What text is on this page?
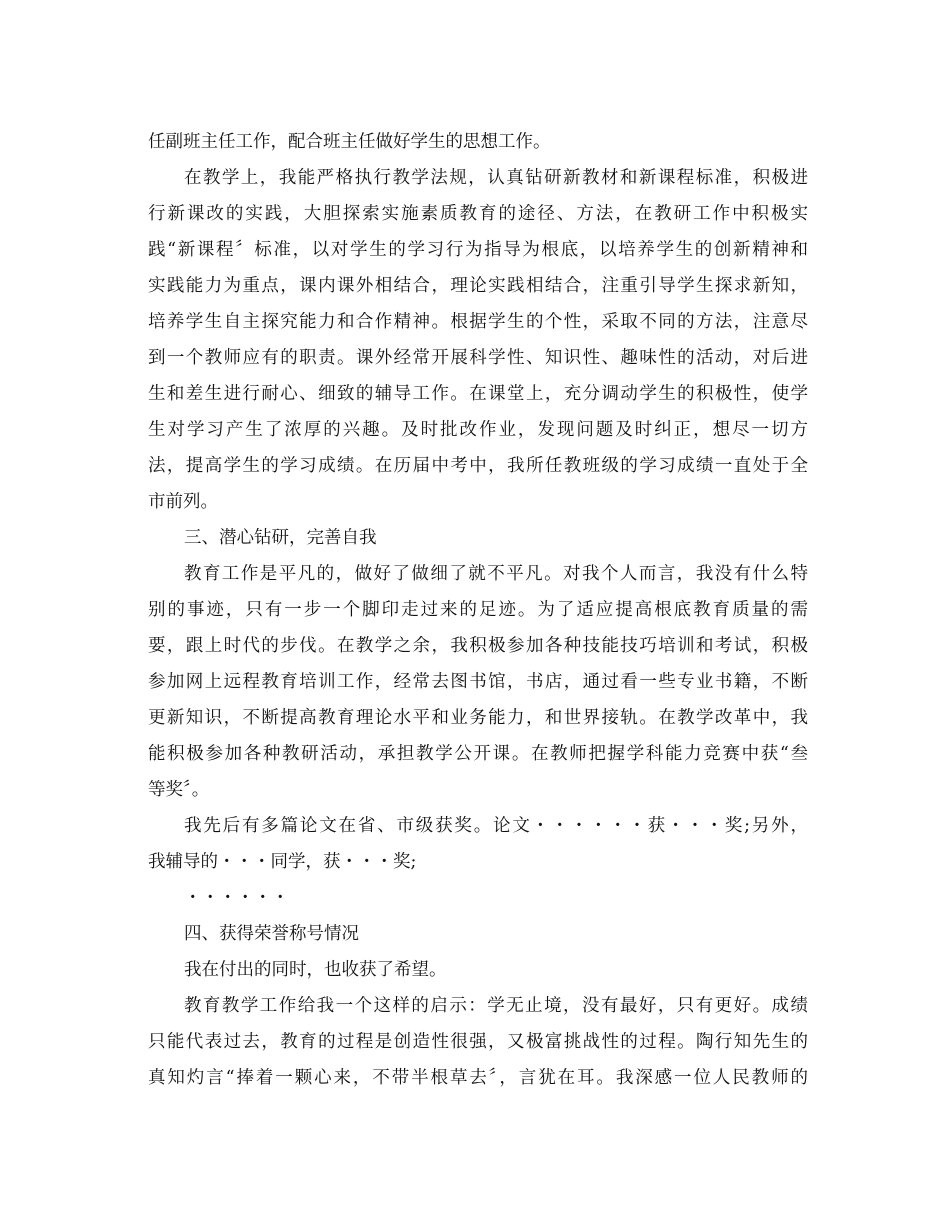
任副班主任工作，配合班主任做好学生的思想工作。
在教学上，我能严格执行教学法规，认真钻研新教材和新课程标准，积极进
行新课改的实践，大胆探索实施素质教育的途径、方法，在教研工作中积极实
践“新课程〞标准，以对学生的学习行为指导为根底，以培养学生的创新精神和
实践能力为重点，课内课外相结合，理论实践相结合，注重引导学生探求新知，
培养学生自主探究能力和合作精神。根据学生的个性，采取不同的方法，注意尽
到一个教师应有的职责。课外经常开展科学性、知识性、趣味性的活动，对后进
生和差生进行耐心、细致的辅导工作。在课堂上，充分调动学生的积极性，使学
生对学习产生了浓厚的兴趣。及时批改作业，发现问题及时纠正，想尽一切方
法，提高学生的学习成绩。在历届中考中，我所任教班级的学习成绩一直处于全
市前列。
三、潜心钻研，完善自我
教育工作是平凡的，做好了做细了就不平凡。对我个人而言，我没有什么特
别的事迹，只有一步一个脚印走过来的足迹。为了适应提高根底教育质量的需
要，跟上时代的步伐。在教学之余，我积极参加各种技能技巧培训和考试，积极
参加网上远程教育培训工作，经常去图书馆，书店，通过看一些专业书籍，不断
更新知识，不断提高教育理论水平和业务能力，和世界接轨。在教学改革中，我
能积极参加各种教研活动，承担教学公开课。在教师把握学科能力竞赛中获“叁
等奖〞。
我先后有多篇论文在省、市级获奖。论文・・・・・・获・・・奖;另外，
我辅导的・・・同学，获・・・奖;
・・・・・・
四、获得荣誉称号情况
我在付出的同时，也收获了希望。
教育教学工作给我一个这样的启示：学无止境，没有最好，只有更好。成绩
只能代表过去，教育的过程是创造性很强，又极富挑战性的过程。陶行知先生的
真知灼言“捧着一颗心来，不带半根草去〞，言犹在耳。我深感一位人民教师的
